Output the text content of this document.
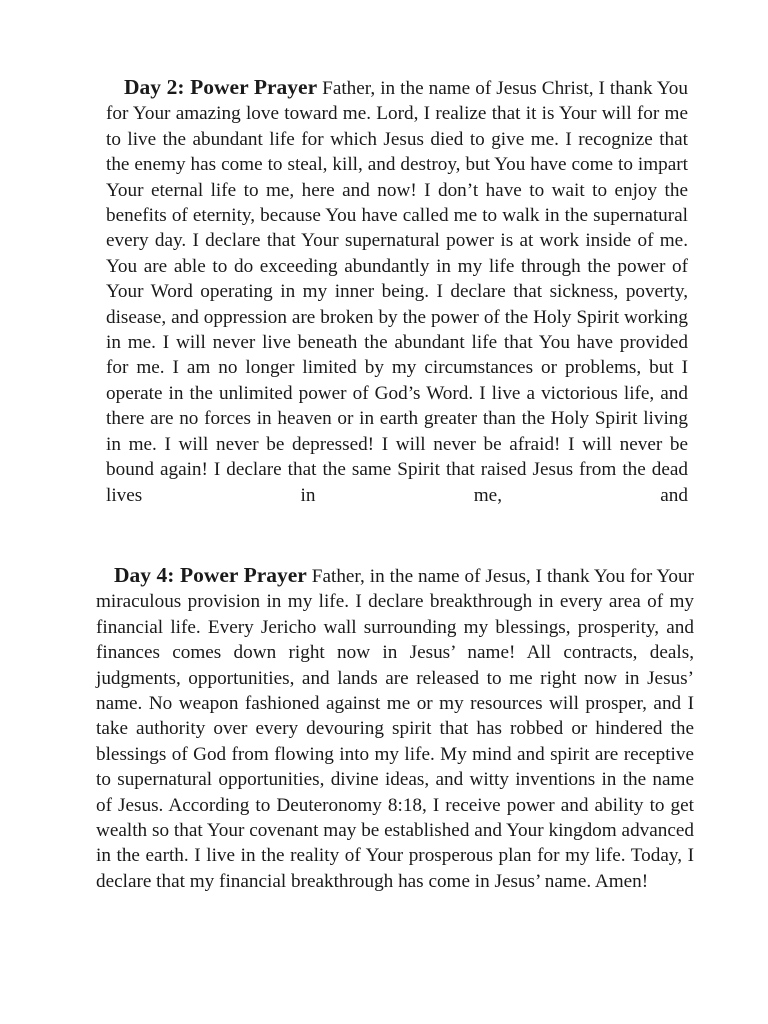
Day 2: Power Prayer Father, in the name of Jesus Christ, I thank You for Your amazing love toward me. Lord, I realize that it is Your will for me to live the abundant life for which Jesus died to give me. I recognize that the enemy has come to steal, kill, and destroy, but You have come to impart Your eternal life to me, here and now! I don’t have to wait to enjoy the benefits of eternity, because You have called me to walk in the supernatural every day. I declare that Your supernatural power is at work inside of me. You are able to do exceeding abundantly in my life through the power of Your Word operating in my inner being. I declare that sickness, poverty, disease, and oppression are broken by the power of the Holy Spirit working in me. I will never live beneath the abundant life that You have provided for me. I am no longer limited by my circumstances or problems, but I operate in the unlimited power of God’s Word. I live a victorious life, and there are no forces in heaven or in earth greater than the Holy Spirit living in me. I will never be depressed! I will never be afraid! I will never be bound again! I declare that the same Spirit that raised Jesus from the dead lives in me, and

Day 4: Power Prayer Father, in the name of Jesus, I thank You for Your miraculous provision in my life. I declare breakthrough in every area of my financial life. Every Jericho wall surrounding my blessings, prosperity, and finances comes down right now in Jesus’ name! All contracts, deals, judgments, opportunities, and lands are released to me right now in Jesus’ name. No weapon fashioned against me or my resources will prosper, and I take authority over every devouring spirit that has robbed or hindered the blessings of God from flowing into my life. My mind and spirit are receptive to supernatural opportunities, divine ideas, and witty inventions in the name of Jesus. According to Deuteronomy 8:18, I receive power and ability to get wealth so that Your covenant may be established and Your kingdom advanced in the earth. I live in the reality of Your prosperous plan for my life. Today, I declare that my financial breakthrough has come in Jesus’ name. Amen!
